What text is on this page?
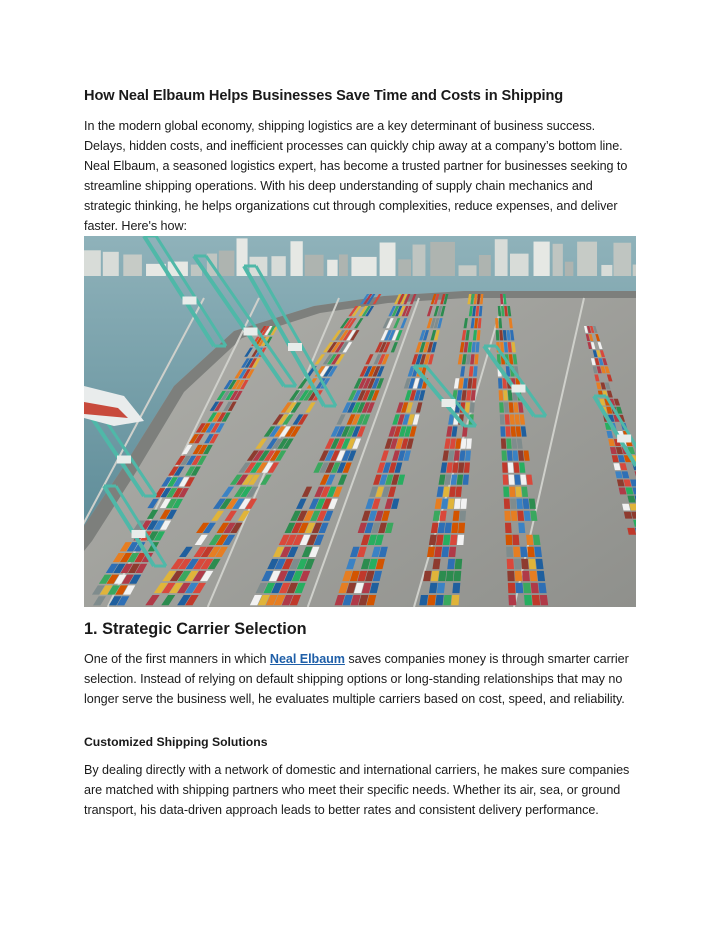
How Neal Elbaum Helps Businesses Save Time and Costs in Shipping

In the modern global economy, shipping logistics are a key determinant of business success. Delays, hidden costs, and inefficient processes can quickly chip away at a company’s bottom line. Neal Elbaum, a seasoned logistics expert, has become a trusted partner for businesses seeking to streamline shipping operations. With his deep understanding of supply chain mechanics and strategic thinking, he helps organizations cut through complexities, reduce expenses, and deliver faster. Here's how:

1. Strategic Carrier Selection

One of the first manners in which Neal Elbaum saves companies money is through smarter carrier selection. Instead of relying on default shipping options or long-standing relationships that may no longer serve the business well, he evaluates multiple carriers based on cost, speed, and reliability.

Customized Shipping Solutions

By dealing directly with a network of domestic and international carriers, he makes sure companies are matched with shipping partners who meet their specific needs. Whether its air, sea, or ground transport, his data-driven approach leads to better rates and consistent delivery performance.
